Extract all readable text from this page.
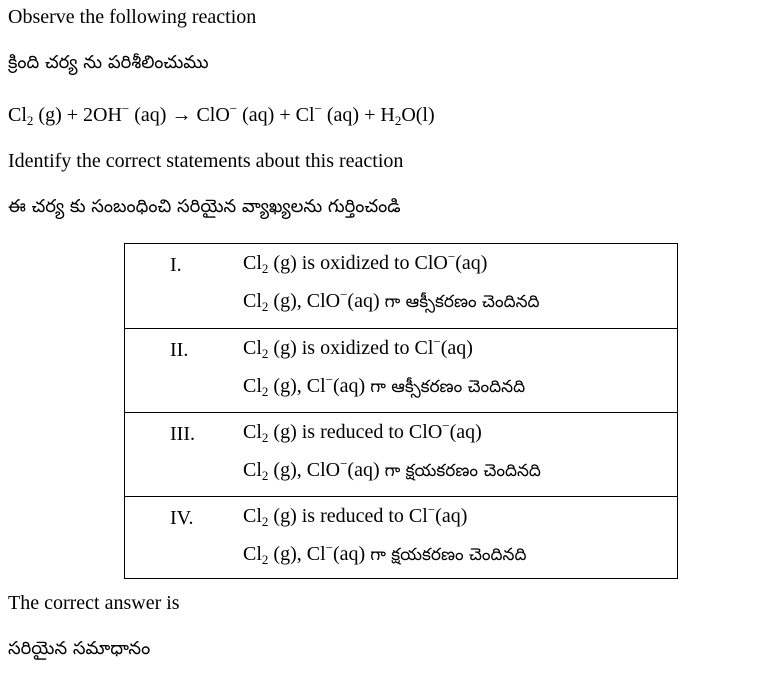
Observe the following reaction
క్రింది చర్య ను పరిశీలించుము
$Cl_2$ (g) + 2OH− (aq) → ClO− (aq) + Cl− $(aq) + H_2O(l)$
Identify the correct statements about this reaction
ఈ చర్య కు సంబంధించి సరియైన వ్యాఖ్యలను గుర్తించండి
I.	$Cl_2$ (g) is oxidized to ClO−(aq)
$Cl_2$ (g), ClO−(aq) గా ఆక్సీకరణం చెందినది
II.	$Cl_2$ (g) is oxidized to Cl−(aq)
$Cl_2$ (g), Cl−(aq) గా ఆక్సీకరణం చెందినది
III. $Cl_2$ (g) is reduced to ClO−(aq)
$Cl_2$ (g), ClO−(aq) గా క్షయకరణం చెందినది
IV. $Cl_2$ (g) is reduced to Cl−(aq)
$Cl_2$ (g), Cl−(aq) గా క్షయకరణం చెందినది
The correct answer is
సరియైన సమాధానం
